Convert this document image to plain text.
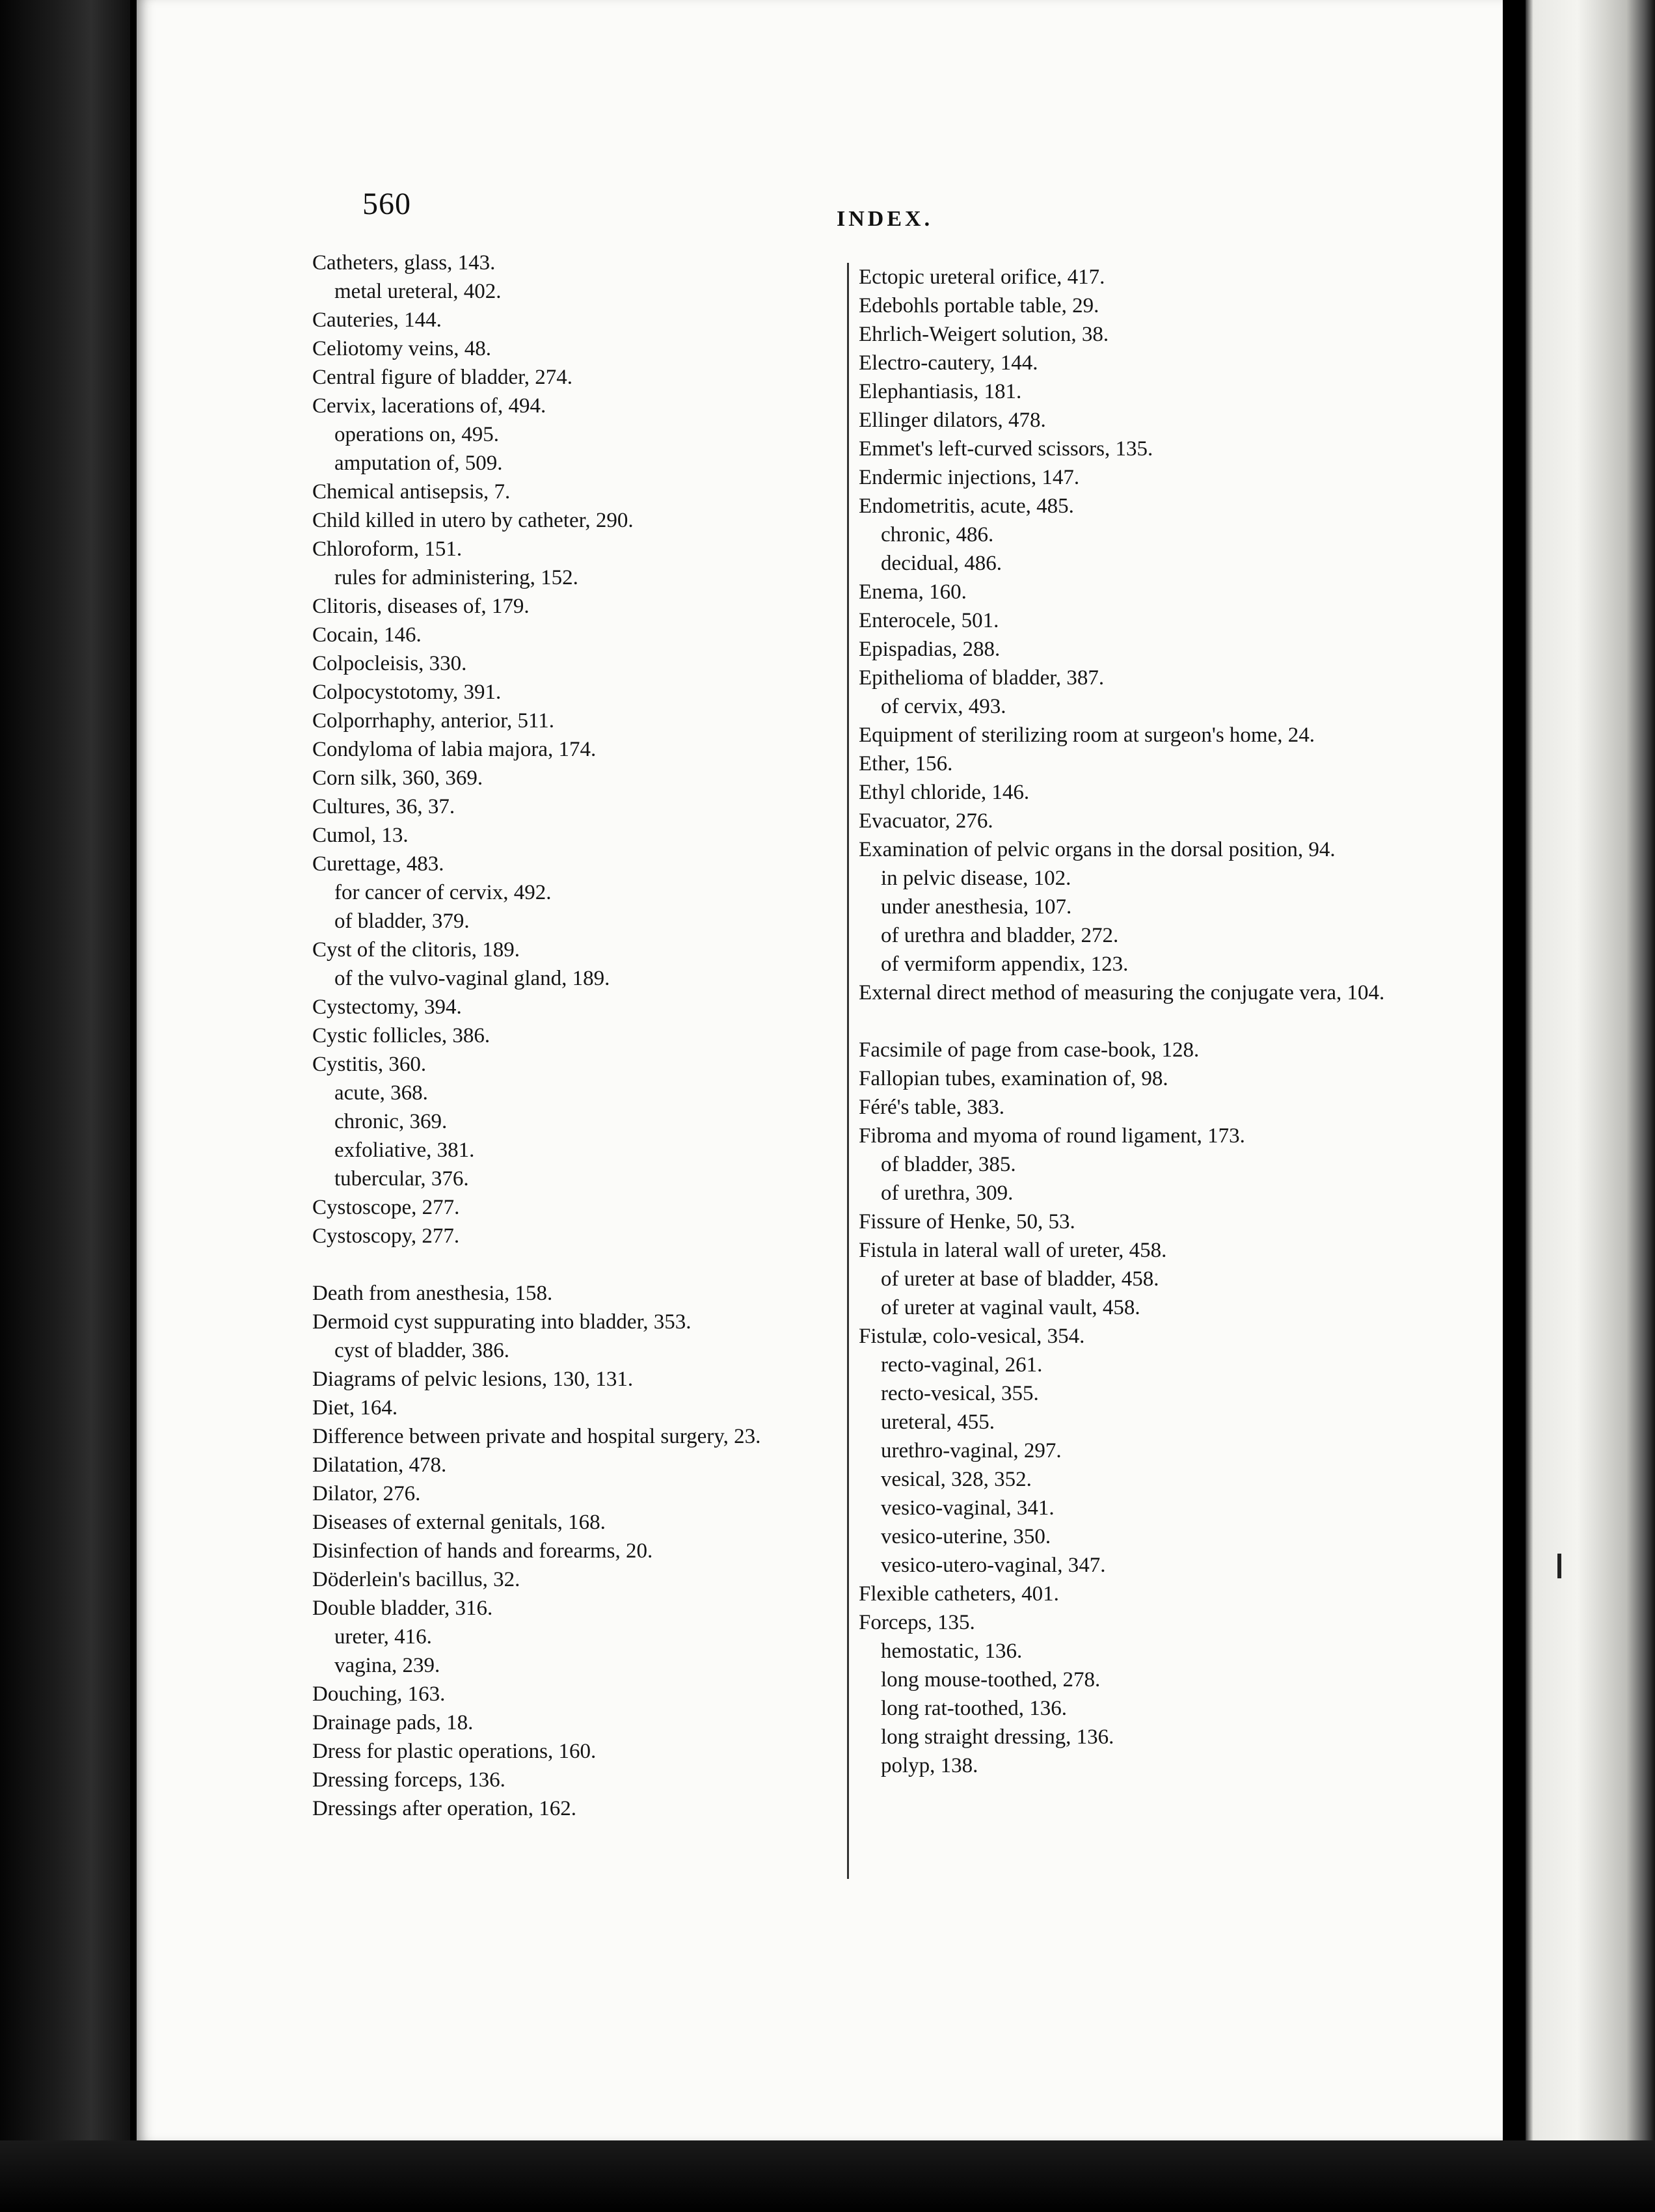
560	INDEX.
Catheters, glass, 143.
metal ureteral, 402.
Cauteries, 144.
Celiotomy veins, 48.
Central figure of bladder, 274.
Cervix, lacerations of, 494.
operations on, 495.
amputation of, 509.
Chemical antisepsis, 7.
Child killed in utero by catheter, 290.
Chloroform, 151.
rules for administering, 152.
Clitoris, diseases of, 179.
Cocain, 146.
Colpocleisis, 330.
Colpocystotomy, 391.
Colporrhaphy, anterior, 511.
Condyloma of labia majora, 174.
Corn silk, 360, 369.
Cultures, 36, 37.
Cumol, 13.
Curettage, 483.
for cancer of cervix, 492.
of bladder, 379.
Cyst of the clitoris, 189.
of the vulvo-vaginal gland, 189.
Cystectomy, 394.
Cystic follicles, 386.
Cystitis, 360.
acute, 368.
chronic, 369.
exfoliative, 381.
tubercular, 376.
Cystoscope, 277.
Cystoscopy, 277.
Death from anesthesia, 158.
Dermoid cyst suppurating into bladder, 353.
cyst of bladder, 386.
Diagrams of pelvic lesions, 130, 131.
Diet, 164.
Difference between private and hospital surgery, 23.
Dilatation, 478.
Dilator, 276.
Diseases of external genitals, 168.
Disinfection of hands and forearms, 20.
Döderlein's bacillus, 32.
Double bladder, 316.
ureter, 416.
vagina, 239.
Douching, 163.
Drainage pads, 18.
Dress for plastic operations, 160.
Dressing forceps, 136.
Dressings after operation, 162.
Ectopic ureteral orifice, 417.
Edebohls portable table, 29.
Ehrlich-Weigert solution, 38.
Electro-cautery, 144.
Elephantiasis, 181.
Ellinger dilators, 478.
Emmet's left-curved scissors, 135.
Endermic injections, 147.
Endometritis, acute, 485.
chronic, 486.
decidual, 486.
Enema, 160.
Enterocele, 501.
Epispadias, 288.
Epithelioma of bladder, 387.
of cervix, 493.
Equipment of sterilizing room at surgeon's home, 24.
Ether, 156.
Ethyl chloride, 146.
Evacuator, 276.
Examination of pelvic organs in the dorsal position, 94.
in pelvic disease, 102.
under anesthesia, 107.
of urethra and bladder, 272.
of vermiform appendix, 123.
External direct method of measuring the conjugate vera, 104.
Facsimile of page from case-book, 128.
Fallopian tubes, examination of, 98.
Féré's table, 383.
Fibroma and myoma of round ligament, 173.
of bladder, 385.
of urethra, 309.
Fissure of Henke, 50, 53.
Fistula in lateral wall of ureter, 458.
of ureter at base of bladder, 458.
of ureter at vaginal vault, 458.
Fistulæ, colo-vesical, 354.
recto-vaginal, 261.
recto-vesical, 355.
ureteral, 455.
urethro-vaginal, 297.
vesical, 328, 352.
vesico-vaginal, 341.
vesico-uterine, 350.
vesico-utero-vaginal, 347.
Flexible catheters, 401.
Forceps, 135.
hemostatic, 136.
long mouse-toothed, 278.
long rat-toothed, 136.
long straight dressing, 136.
polyp, 138.
